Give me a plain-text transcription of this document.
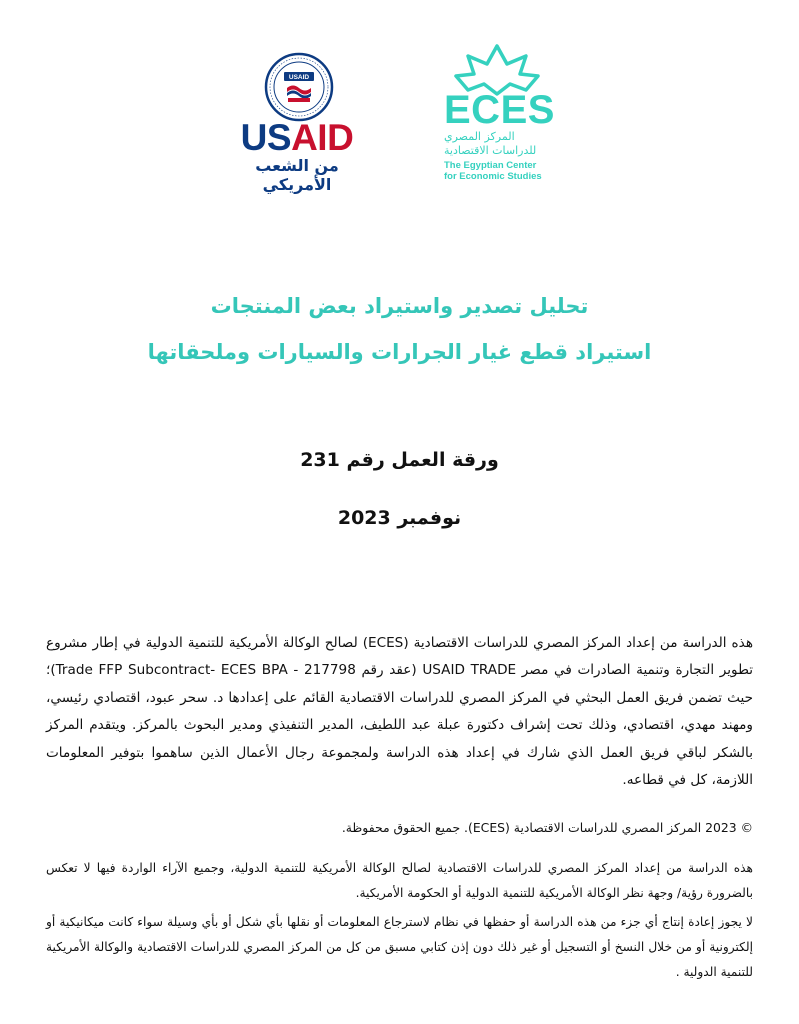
USAID
USAID
من الشعب الأمريكي
ECES
المركز المصري للدراسات الاقتصادية
The Egyptian Center
for Economic Studies
تحليل تصدير واستيراد بعض المنتجات
استيراد قطع غيار الجرارات والسيارات وملحقاتها
ورقة العمل رقم 231
نوفمبر 2023
هذه الدراسة من إعداد المركز المصري للدراسات الاقتصادية (ECES) لصالح الوكالة الأمريكية للتنمية الدولية في إطار مشروع تطوير التجارة وتنمية الصادرات في مصر USAID TRADE (عقد رقم 217798 - Trade FFP Subcontract- ECES BPA)؛ حيث تضمن فريق العمل البحثي في المركز المصري للدراسات الاقتصادية القائم على إعدادها د. سحر عبود، اقتصادي رئيسي، ومهند مهدي، اقتصادي، وذلك تحت إشراف دكتورة عبلة عبد اللطيف، المدير التنفيذي ومدير البحوث بالمركز. ويتقدم المركز بالشكر لباقي فريق العمل الذي شارك في إعداد هذه الدراسة ولمجموعة رجال الأعمال الذين ساهموا بتوفير المعلومات اللازمة، كل في قطاعه.
© 2023 المركز المصري للدراسات الاقتصادية (ECES). جميع الحقوق محفوظة.
هذه الدراسة من إعداد المركز المصري للدراسات الاقتصادية لصالح الوكالة الأمريكية للتنمية الدولية، وجميع الآراء الواردة فيها لا تعكس بالضرورة رؤية/ وجهة نظر الوكالة الأمريكية للتنمية الدولية أو الحكومة الأمريكية.
لا يجوز إعادة إنتاج أي جزء من هذه الدراسة أو حفظها في نظام لاسترجاع المعلومات أو نقلها بأي شكل أو بأي وسيلة سواء كانت ميكانيكية أو إلكترونية أو من خلال النسخ أو التسجيل أو غير ذلك دون إذن كتابي مسبق من كل من المركز المصري للدراسات الاقتصادية والوكالة الأمريكية للتنمية الدولية .
